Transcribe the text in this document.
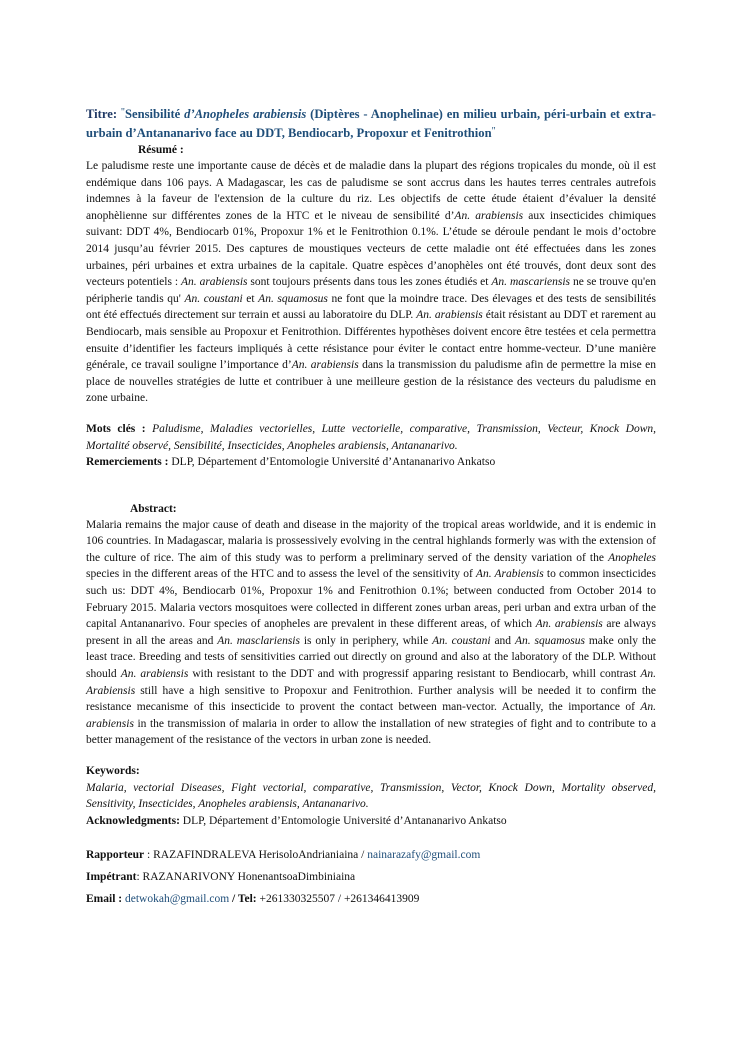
Titre: "Sensibilité d’Anopheles arabiensis (Diptères - Anophelinae) en milieu urbain, péri-urbain et extra-urbain d’Antananarivo face au DDT, Bendiocarb, Propoxur et Fenitrothion"

Résumé :

Le paludisme reste une importante cause de décès et de maladie dans la plupart des régions tropicales du monde, où il est endémique dans 106 pays. A Madagascar, les cas de paludisme se sont accrus dans les hautes terres centrales autrefois indemnes à la faveur de l'extension de la culture du riz. Les objectifs de cette étude étaient d’évaluer la densité anophèlienne sur différentes zones de la HTC et le niveau de sensibilité d’An. arabiensis aux insecticides chimiques suivant: DDT 4%, Bendiocarb 01%, Propoxur 1% et le Fenitrothion 0.1%. L’étude se déroule pendant le mois d’octobre 2014 jusqu’au février 2015. Des captures de moustiques vecteurs de cette maladie ont été effectuées dans les zones urbaines, péri urbaines et extra urbaines de la capitale. Quatre espèces d’anophèles ont été trouvés, dont deux sont des vecteurs potentiels : An. arabiensis sont toujours présents dans tous les zones étudiés et An. mascariensis ne se trouve qu'en péripherie tandis qu' An. coustani et An. squamosus ne font que la moindre trace. Des élevages et des tests de sensibilités ont été effectués directement sur terrain et aussi au laboratoire du DLP. An. arabiensis était résistant au DDT et rarement au Bendiocarb, mais sensible au Propoxur et Fenitrothion. Différentes hypothèses doivent encore être testées et cela permettra ensuite d’identifier les facteurs impliqués à cette résistance pour éviter le contact entre homme-vecteur. D’une manière générale, ce travail souligne l’importance d’An. arabiensis dans la transmission du paludisme afin de permettre la mise en place de nouvelles stratégies de lutte et contribuer à une meilleure gestion de la résistance des vecteurs du paludisme en zone urbaine.

Mots clés : Paludisme, Maladies vectorielles, Lutte vectorielle, comparative, Transmission, Vecteur, Knock Down, Mortalité observé, Sensibilité, Insecticides, Anopheles arabiensis, Antananarivo.
Remerciements : DLP, Département d’Entomologie Université d’Antananarivo Ankatso
Abstract:

Malaria remains the major cause of death and disease in the majority of the tropical areas worldwide, and it is endemic in 106 countries. In Madagascar, malaria is prossessively evolving in the central highlands formerly was with the extension of the culture of rice. The aim of this study was to perform a preliminary served of the density variation of the Anopheles species in the different areas of the HTC and to assess the level of the sensitivity of An. Arabiensis to common insecticides such us: DDT 4%, Bendiocarb 01%, Propoxur 1% and Fenitrothion 0.1%; between conducted from October 2014 to February 2015. Malaria vectors mosquitoes were collected in different zones urban areas, peri urban and extra urban of the capital Antananarivo. Four species of anopheles are prevalent in these different areas, of which An. arabiensis are always present in all the areas and An. masclariensis is only in periphery, while An. coustani and An. squamosus make only the least trace. Breeding and tests of sensitivities carried out directly on ground and also at the laboratory of the DLP. Without should An. arabiensis with resistant to the DDT and with progressif apparing resistant to Bendiocarb, whill contrast An. Arabiensis still have a high sensitive to Propoxur and Fenitrothion. Further analysis will be needed it to confirm the resistance mecanisme of this insecticide to provent the contact between man-vector. Actually, the importance of An. arabiensis in the transmission of malaria in order to allow the installation of new strategies of fight and to contribute to a better management of the resistance of the vectors in urban zone is needed.

Keywords:
Malaria, vectorial Diseases, Fight vectorial, comparative, Transmission, Vector, Knock Down, Mortality observed, Sensitivity, Insecticides, Anopheles arabiensis, Antananarivo.
Acknowledgments: DLP, Département d’Entomologie Université d’Antananarivo Ankatso
Rapporteur : RAZAFINDRALEVA HerisoloAndrianiaina / nainarazafy@gmail.com
Impétrant: RAZANARIVONY HonenantsoaDimbiniaina
Email : detwokah@gmail.com / Tel: +261330325507 / +261346413909
